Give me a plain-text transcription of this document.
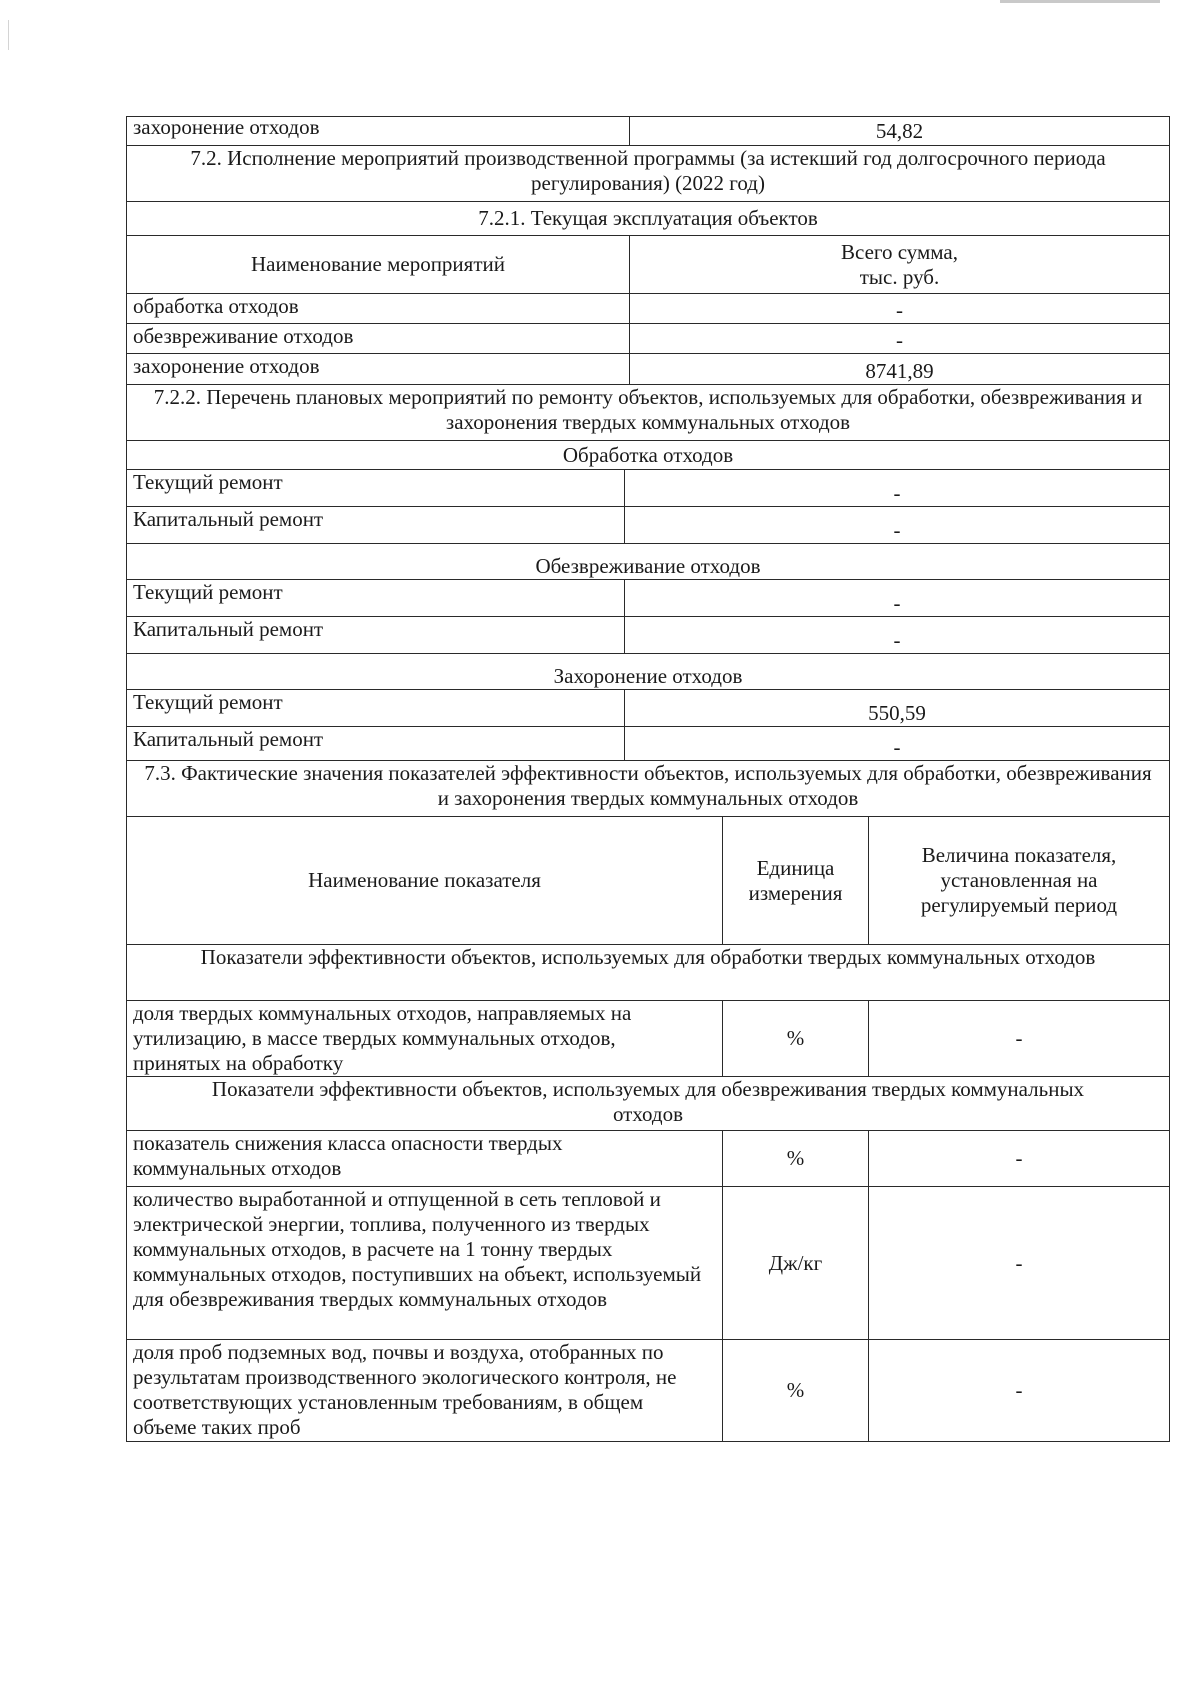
захоронение отходов	54,82
7.2. Исполнение мероприятий производственной программы (за истекший год долгосрочного периода регулирования) (2022 год)	
7.2.1. Текущая эксплуатация объектов	
Наименование мероприятий	Всего сумма,
тыс. руб.

обработка отходов	-
обезвреживание отходов	-
захоронение отходов	8741,89
7.2.2. Перечень плановых мероприятий по ремонту объектов, используемых для обработки, обезвреживания и захоронения твердых коммунальных отходов	
Обработка отходов	
Текущий ремонт	-
Капитальный ремонт	-
Обезвреживание отходов	
Текущий ремонт	-
Капитальный ремонт	-
Захоронение отходов	
Текущий ремонт	550,59
Капитальный ремонт	-
7.3. Фактические значения показателей эффективности объектов, используемых для обработки, обезвреживания и захоронения твердых коммунальных отходов	
Наименование показателя	Единица измерения	Величина показателя, установленная на регулируемый период
Показатели эффективности объектов, используемых для обработки твердых коммунальных отходов		
доля твердых коммунальных отходов, направляемых на утилизацию, в массе твердых коммунальных отходов, принятых на обработку	%	-
Показатели эффективности объектов, используемых для обезвреживания твердых коммунальных отходов		
показатель снижения класса опасности твердых коммунальных отходов	%	-
количество выработанной и отпущенной в сеть тепловой и электрической энергии, топлива, полученного из твердых коммунальных отходов, в расчете на 1 тонну твердых коммунальных отходов, поступивших на объект, используемый для обезвреживания твердых коммунальных отходов	Дж/кг	-
доля проб подземных вод, почвы и воздуха, отобранных по результатам производственного экологического контроля, не соответствующих установленным требованиям, в общем объеме таких проб	%	-
